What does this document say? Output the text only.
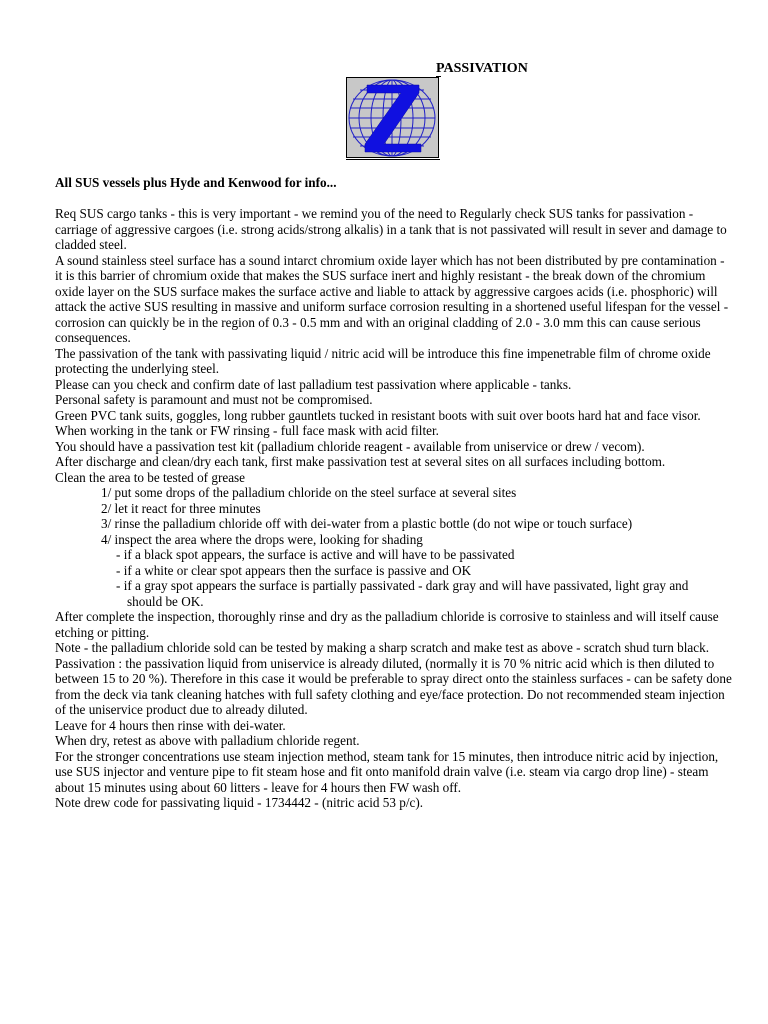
PASSIVATION

All SUS vessels plus Hyde and Kenwood for info...

Req SUS cargo tanks - this is very important - we remind you of the need to Regularly check SUS tanks for passivation - carriage of aggressive cargoes (i.e. strong acids/strong alkalis) in a tank that is not passivated will result in sever and damage to cladded steel.

A sound stainless steel surface has a sound intarct chromium oxide layer which has not been distributed by pre contamination - it is this barrier of chromium oxide that makes the SUS surface inert and highly resistant - the break down of the chromium oxide layer on the SUS surface makes the surface active and liable to attack by aggressive cargoes acids (i.e. phosphoric) will attack the active SUS resulting in massive and uniform surface corrosion resulting in a shortened useful lifespan for the vessel - corrosion can quickly be in the region of 0.3 - 0.5 mm and with an original cladding of 2.0 - 3.0 mm this can cause serious consequences.

The passivation of the tank with passivating liquid / nitric acid will be introduce this fine impenetrable film of chrome oxide protecting the underlying steel.

Please can you check and confirm date of last palladium test passivation where applicable - tanks.

Personal safety is paramount and must not be compromised.

Green PVC tank suits, goggles, long rubber gauntlets tucked in resistant boots with suit over boots hard hat and face visor.

When working in the tank or FW rinsing - full face mask with acid filter.

You should have a passivation test kit (palladium chloride reagent - available from uniservice or drew / vecom).

After discharge and clean/dry each tank, first make passivation test at several sites on all surfaces including bottom.

Clean the area to be tested of grease

1/ put some drops of the palladium chloride on the steel surface at several sites

2/ let it react for three minutes

3/ rinse the palladium chloride off with dei-water from a plastic bottle (do not wipe or touch surface)

4/ inspect the area where the drops were, looking for shading

- if a black spot appears, the surface is active and will have to be passivated

- if a white or clear spot appears then the surface is passive and OK

- if a gray spot appears the surface is partially passivated - dark gray and will have passivated, light gray and

should be OK.

After complete the inspection, thoroughly rinse and dry as the palladium chloride is corrosive to stainless and will itself cause etching or pitting.

Note - the palladium chloride sold can be tested by making a sharp scratch and make test as above - scratch shud turn black.

Passivation : the passivation liquid from uniservice is already diluted, (normally it is 70 % nitric acid which is then diluted to between 15 to 20 %). Therefore in this case it would be preferable to spray direct onto the stainless surfaces - can be safety done from the deck via tank cleaning hatches with full safety clothing and eye/face protection. Do not recommended steam injection of the uniservice product due to already diluted.

Leave for 4 hours then rinse with dei-water.

When dry, retest as above with palladium chloride regent.

For the stronger concentrations use steam injection method, steam tank for 15 minutes, then introduce nitric acid by injection, use SUS injector and venture pipe to fit steam hose and fit onto manifold drain valve (i.e. steam via cargo drop line) - steam about 15 minutes using about 60 litters - leave for 4 hours then FW wash off.

Note drew code for passivating liquid - 1734442 - (nitric acid 53 p/c).
